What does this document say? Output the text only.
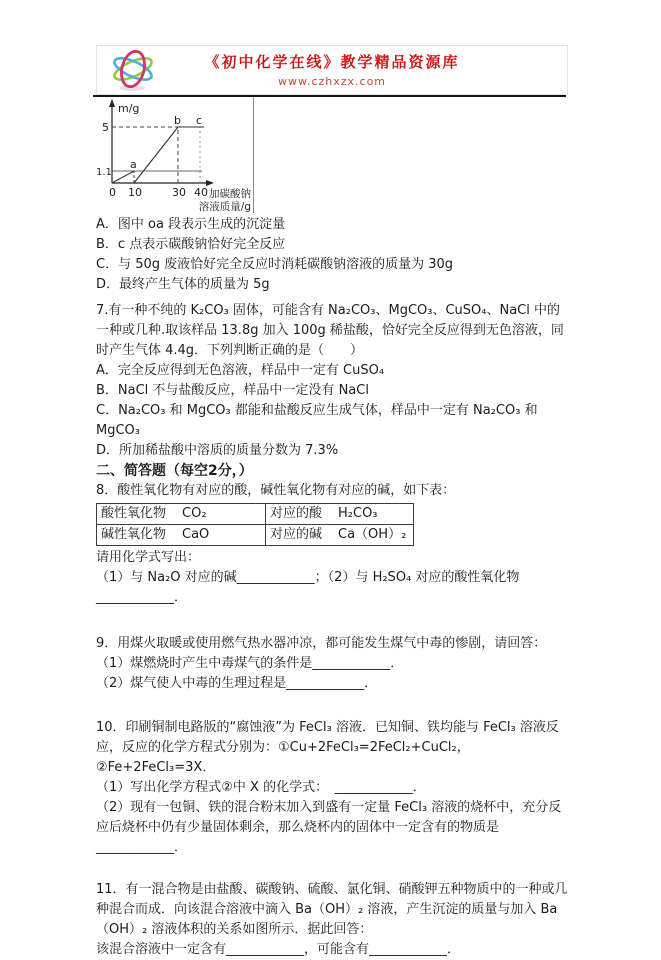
《初中化学在线》教学精品资源库
www.czhxzx.com
m/g
5
1.1
0 10	30 40
a
b c
加碳酸钠
溶液质量/g

A．图中 oa 段表示生成的沉淀量

B．c 点表示碳酸钠恰好完全反应

C．与 50g 废液恰好完全反应时消耗碳酸钠溶液的质量为 30g

D．最终产生气体的质量为 5g

7.有一种不纯的 K₂CO₃ 固体，可能含有 Na₂CO₃、MgCO₃、CuSO₄、NaCl 中的一种或几种.取该样品 13.8g 加入 100g 稀盐酸，恰好完全反应得到无色溶液，同时产生气体 4.4g．下列判断正确的是（　　）

A．完全反应得到无色溶液，样品中一定有 CuSO₄

B．NaCl 不与盐酸反应，样品中一定没有 NaCl

C．Na₂CO₃ 和 MgCO₃ 都能和盐酸反应生成气体，样品中一定有 Na₂CO₃ 和 MgCO₃

D．所加稀盐酸中溶质的质量分数为 7.3%

二、简答题（每空2分，）

8．酸性氧化物有对应的酸，碱性氧化物有对应的碱，如下表：

酸性氧化物 CO₂	对应的酸 H₂CO₃
碱性氧化物 CaO	对应的碱 Ca（OH）₂

请用化学式写出：

（1）与 Na₂O 对应的碱____________；（2）与 H₂SO₄ 对应的酸性氧化物____________．

9．用煤火取暖或使用燃气热水器冲凉，都可能发生煤气中毒的惨剧，请回答：

（1）煤燃烧时产生中毒煤气的条件是____________．

（2）煤气使人中毒的生理过程是____________．

10．印刷铜制电路版的“腐蚀液”为 FeCl₃ 溶液．已知铜、铁均能与 FeCl₃ 溶液反应，反应的化学方程式分别为：①Cu+2FeCl₃=2FeCl₂+CuCl₂，②Fe+2FeCl₃=3X．

（1）写出化学方程式②中 X 的化学式：　____________．

（2）现有一包铜、铁的混合粉末加入到盛有一定量 FeCl₃ 溶液的烧杯中，充分反应后烧杯中仍有少量固体剩余，那么烧杯内的固体中一定含有的物质是____________．

11．有一混合物是由盐酸、碳酸钠、硫酸、氯化铜、硝酸钾五种物质中的一种或几种混合而成．向该混合溶液中滴入 Ba（OH）₂ 溶液，产生沉淀的质量与加入 Ba（OH）₂ 溶液体积的关系如图所示．据此回答：

该混合溶液中一定含有____________，可能含有____________．
